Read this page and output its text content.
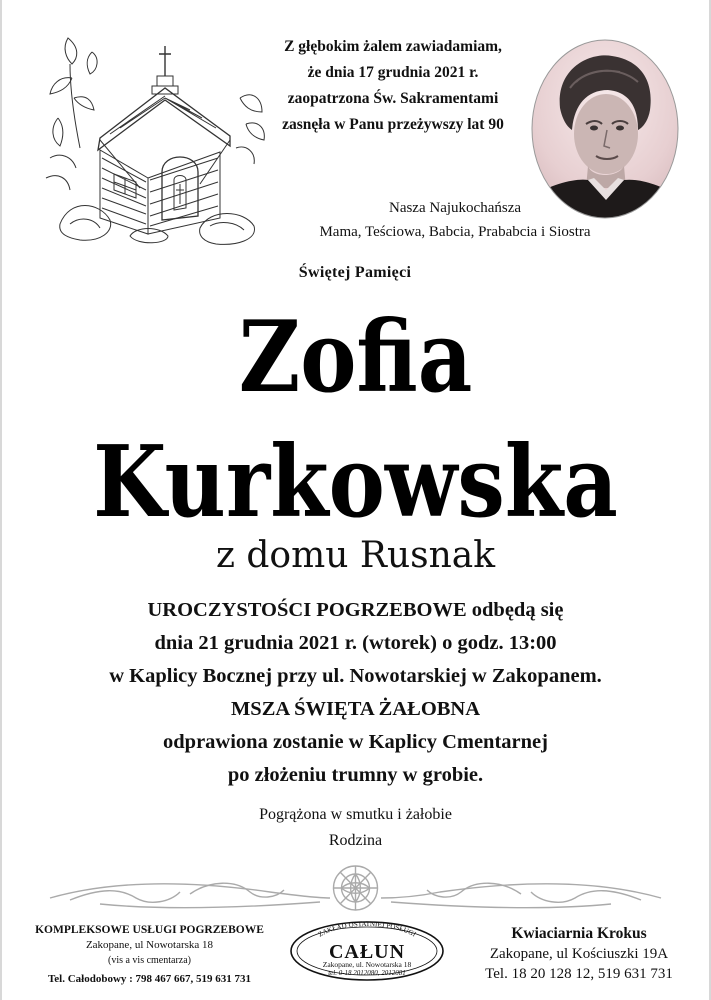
Z głębokim żalem zawiadamiam,
że dnia 17 grudnia 2021 r.
zaopatrzona Św. Sakramentami
zasnęła w Panu przeżywszy lat 90
Nasza Najukochańsza
Mama, Teściowa, Babcia, Prababcia i Siostra
Świętej Pamięci
Zofia
Kurkowska
z domu Rusnak
UROCZYSTOŚCI POGRZEBOWE odbędą się
dnia 21 grudnia 2021 r. (wtorek) o godz. 13:00
w Kaplicy Bocznej przy ul. Nowotarskiej w Zakopanem.
MSZA ŚWIĘTA ŻAŁOBNA
odprawiona zostanie w Kaplicy Cmentarnej
po złożeniu trumny w grobie.
Pogrążona w smutku i żałobie
Rodzina
KOMPLEKSOWE USŁUGI POGRZEBOWE
Zakopane, ul Nowotarska 18
(vis a vis cmentarza)
Tel. Całodobowy : 798 467 667, 519 631 731
ZAKŁAD OSTATNIEJ POSŁUGI
CAŁUN
Zakopane, ul. Nowotarska 18
tel. 0-18 2012080, 2012081
Kwiaciarnia Krokus
Zakopane, ul Kościuszki 19A
Tel. 18 20 128 12, 519 631 731
